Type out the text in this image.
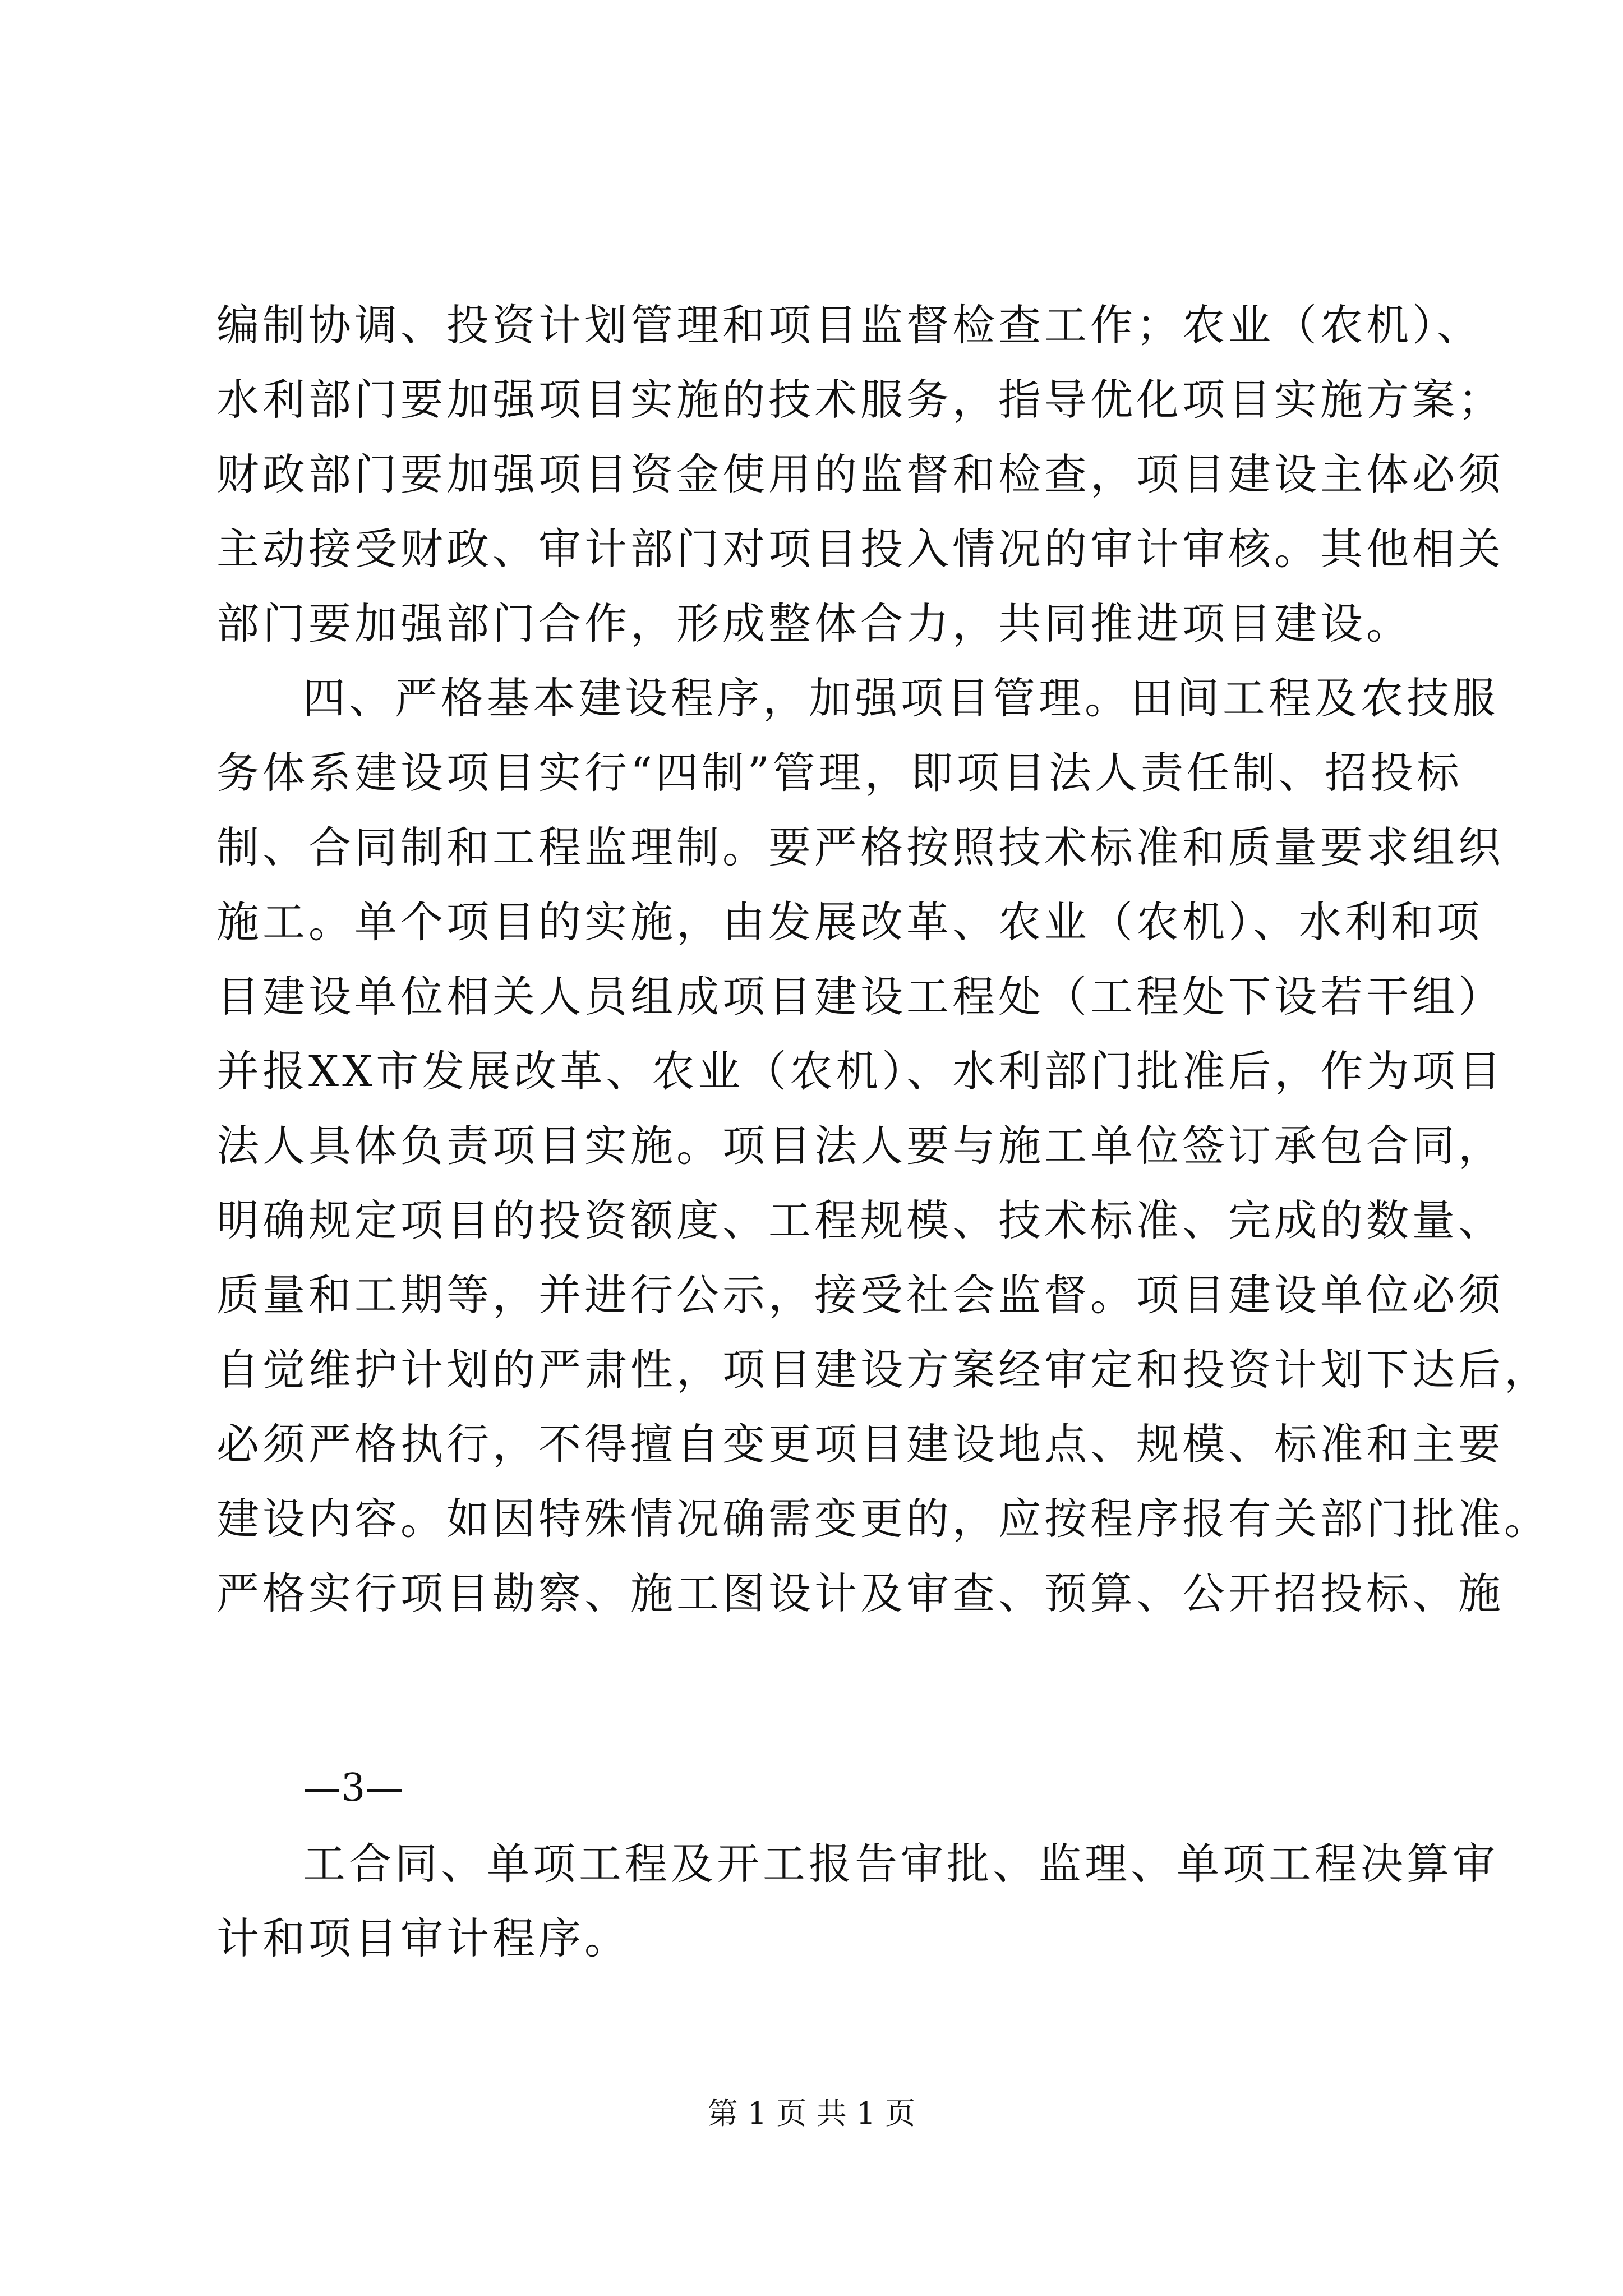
编制协调、投资计划管理和项目监督检查工作；农业（农机）、
水利部门要加强项目实施的技术服务，指导优化项目实施方案；
财政部门要加强项目资金使用的监督和检查，项目建设主体必须
主动接受财政、审计部门对项目投入情况的审计审核。其他相关
部门要加强部门合作，形成整体合力，共同推进项目建设。
四、严格基本建设程序，加强项目管理。田间工程及农技服
务体系建设项目实行“四制”管理，即项目法人责任制、招投标
制、合同制和工程监理制。要严格按照技术标准和质量要求组织
施工。单个项目的实施，由发展改革、农业（农机）、水利和项
目建设单位相关人员组成项目建设工程处（工程处下设若干组）
并报XX市发展改革、农业（农机）、水利部门批准后，作为项目
法人具体负责项目实施。项目法人要与施工单位签订承包合同，
明确规定项目的投资额度、工程规模、技术标准、完成的数量、
质量和工期等，并进行公示，接受社会监督。项目建设单位必须
自觉维护计划的严肃性，项目建设方案经审定和投资计划下达后，
必须严格执行，不得擅自变更项目建设地点、规模、标准和主要
建设内容。如因特殊情况确需变更的，应按程序报有关部门批准。
严格实行项目勘察、施工图设计及审查、预算、公开招投标、施
—3—
工合同、单项工程及开工报告审批、监理、单项工程决算审
计和项目审计程序。
第 1 页 共 1 页
